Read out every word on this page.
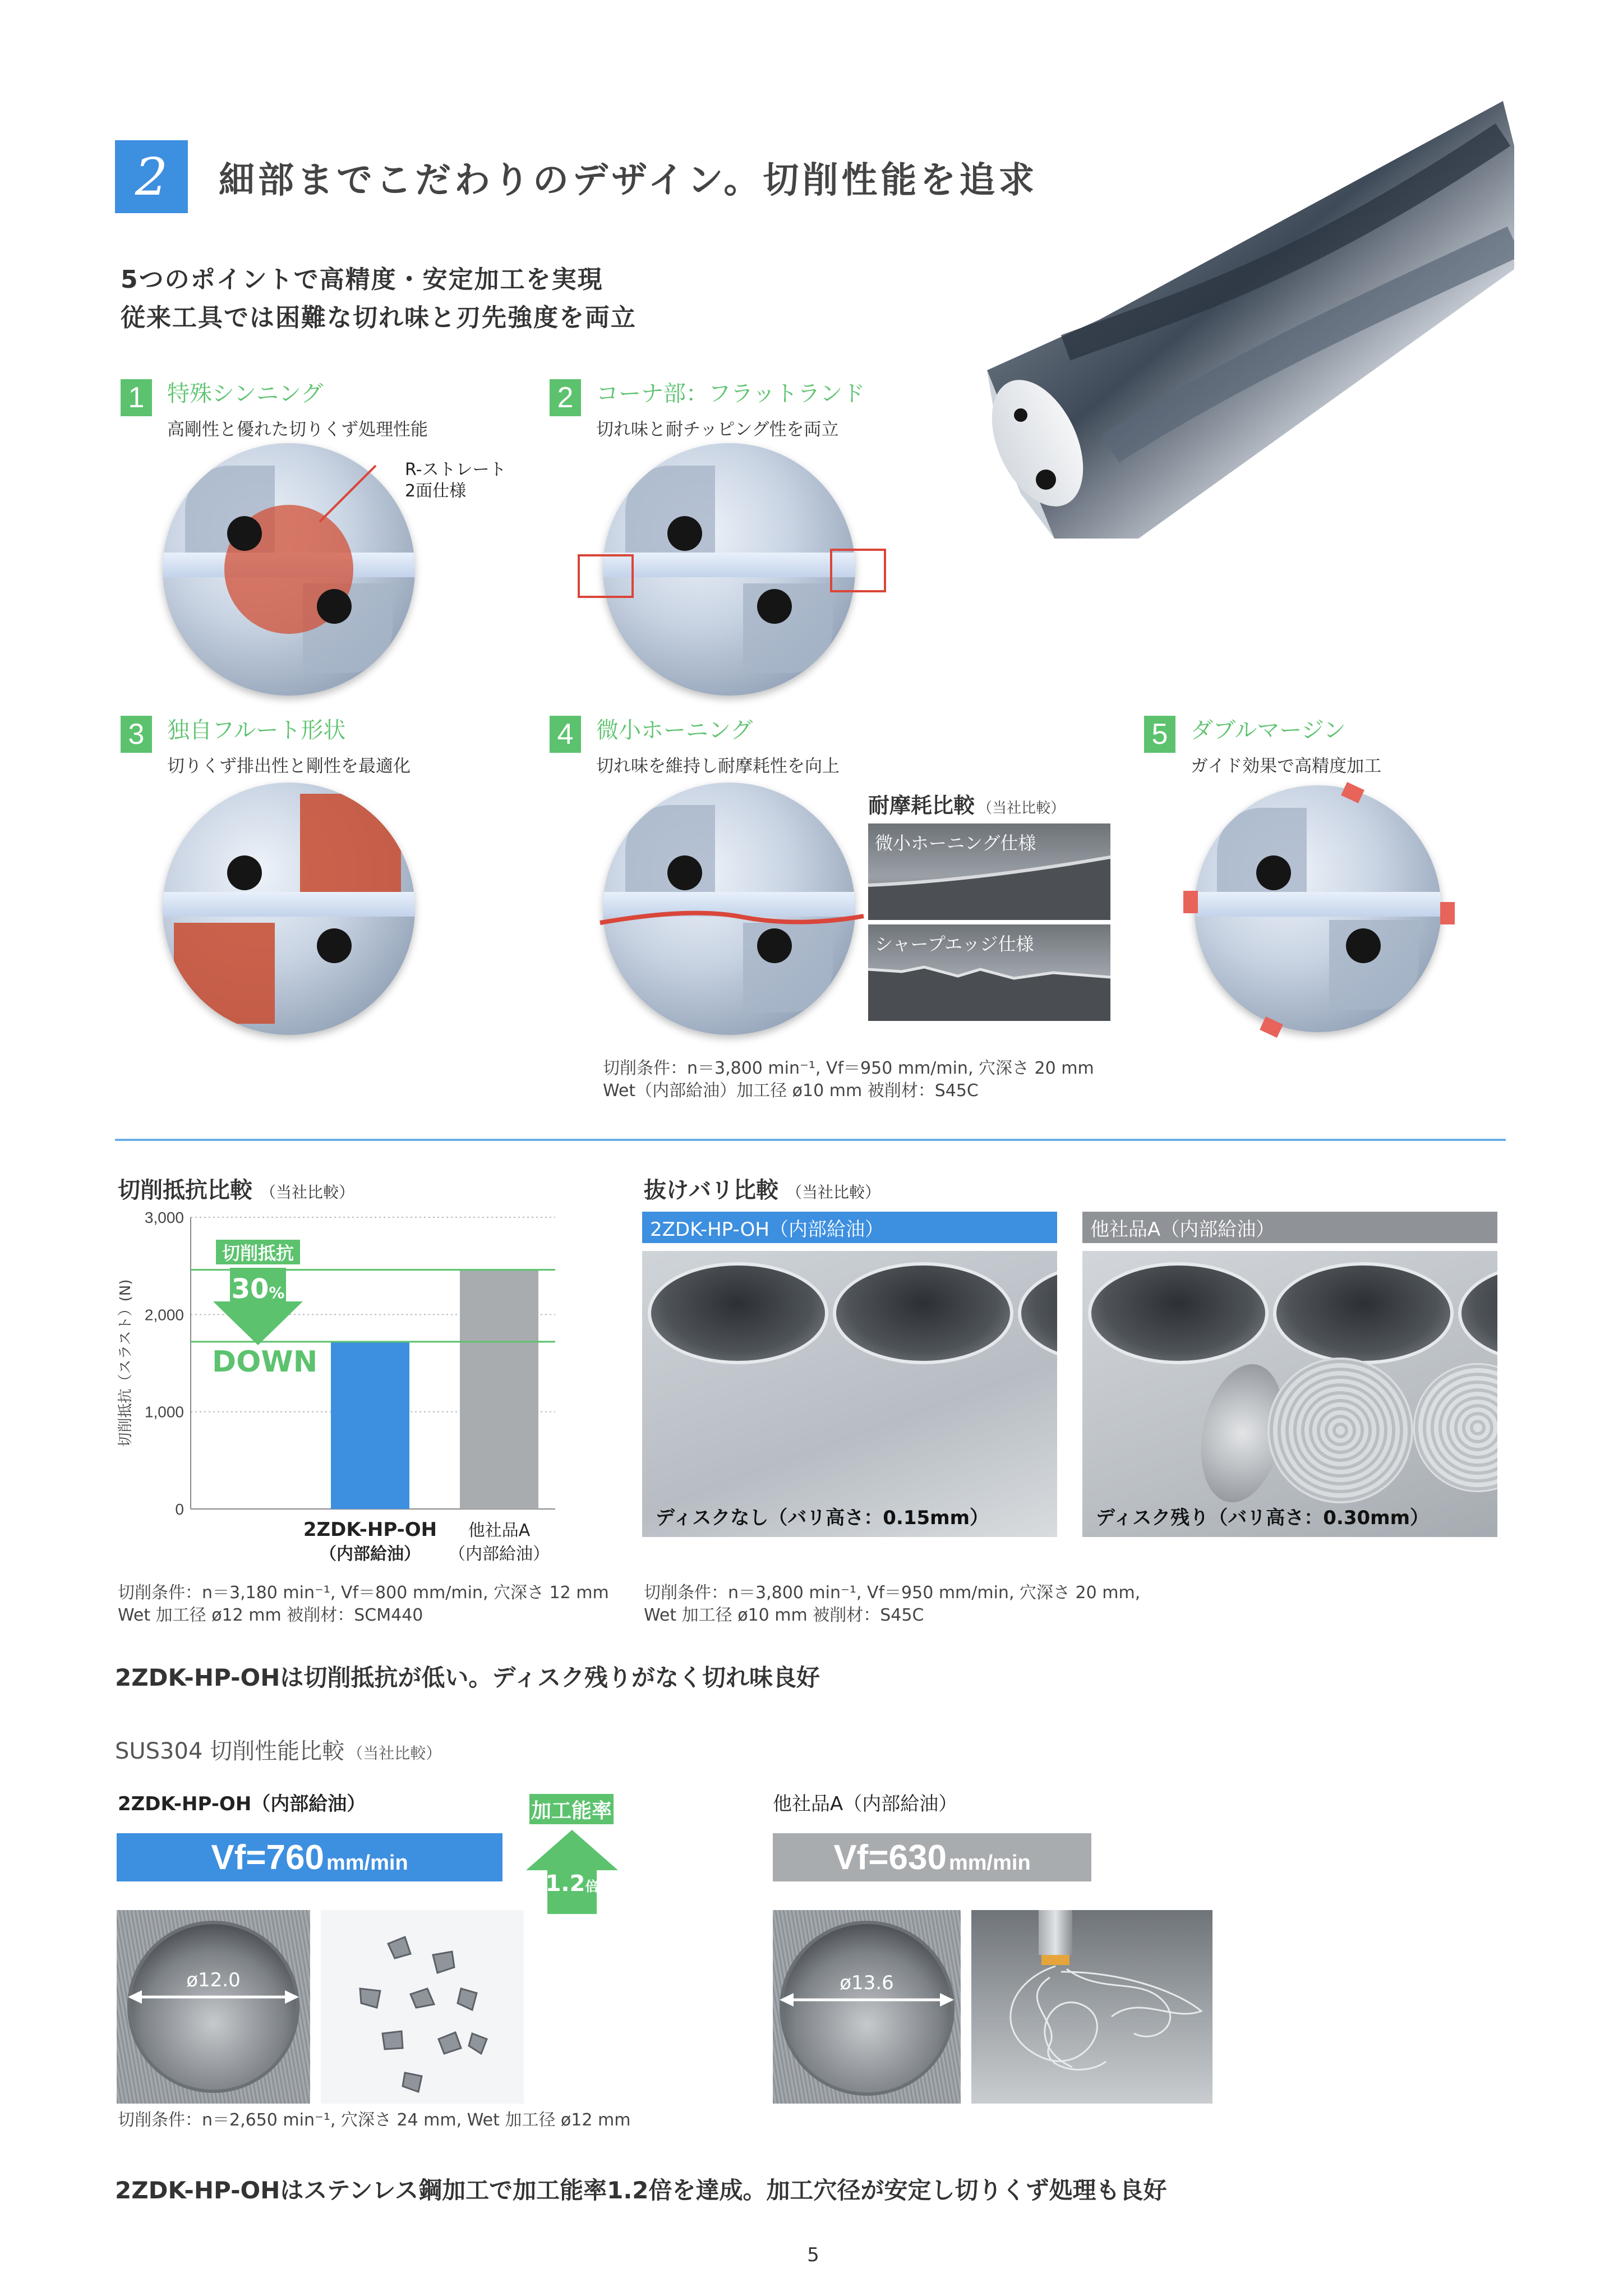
2 細部までこだわりのデザイン。切削性能を追求
5つのポイントで高精度・安定加工を実現
従来工具では困難な切れ味と刃先強度を両立
1	特殊シンニング
高剛性と優れた切りくず処理性能
R-ストレート
2面仕様
2	コーナ部：フラットランド
切れ味と耐チッピング性を両立
3	独自フルート形状
切りくず排出性と剛性を最適化
4	微小ホーニング
切れ味を維持し耐摩耗性を向上
耐摩耗比較 （当社比較）
微小ホーニング仕様
シャープエッジ仕様
切削条件：n＝3,800 min⁻¹, Vf＝950 mm/min, 穴深さ 20 mm
Wet（内部給油）加工径 ø10 mm 被削材：S45C
5	ダブルマージン
ガイド効果で高精度加工
切削抵抗比較 （当社比較）
3,000
2,000
1,000
0
切削抵抗（スラスト）(N)
2ZDK-HP-OH
（内部給油）
他社品A
（内部給油）
切削抵抗
30%
DOWN
切削条件：n＝3,180 min⁻¹, Vf＝800 mm/min, 穴深さ 12 mm
Wet 加工径 ø12 mm 被削材：SCM440
抜けバリ比較 （当社比較）
2ZDK-HP-OH（内部給油）	他社品A（内部給油）
ディスクなし（バリ高さ：0.15mm）	ディスク残り（バリ高さ：0.30mm）
切削条件：n＝3,800 min⁻¹, Vf＝950 mm/min, 穴深さ 20 mm,
Wet 加工径 ø10 mm 被削材：S45C
2ZDK-HP-OHは切削抵抗が低い。ディスク残りがなく切れ味良好
SUS304 切削性能比較 （当社比較）
2ZDK-HP-OH（内部給油）	他社品A（内部給油）
Vf=760 mm/min	Vf=630 mm/min
加工能率
1.2倍
ø12.0	ø13.6
切削条件：n＝2,650 min⁻¹, 穴深さ 24 mm, Wet 加工径 ø12 mm
2ZDK-HP-OHはステンレス鋼加工で加工能率1.2倍を達成。加工穴径が安定し切りくず処理も良好
5
